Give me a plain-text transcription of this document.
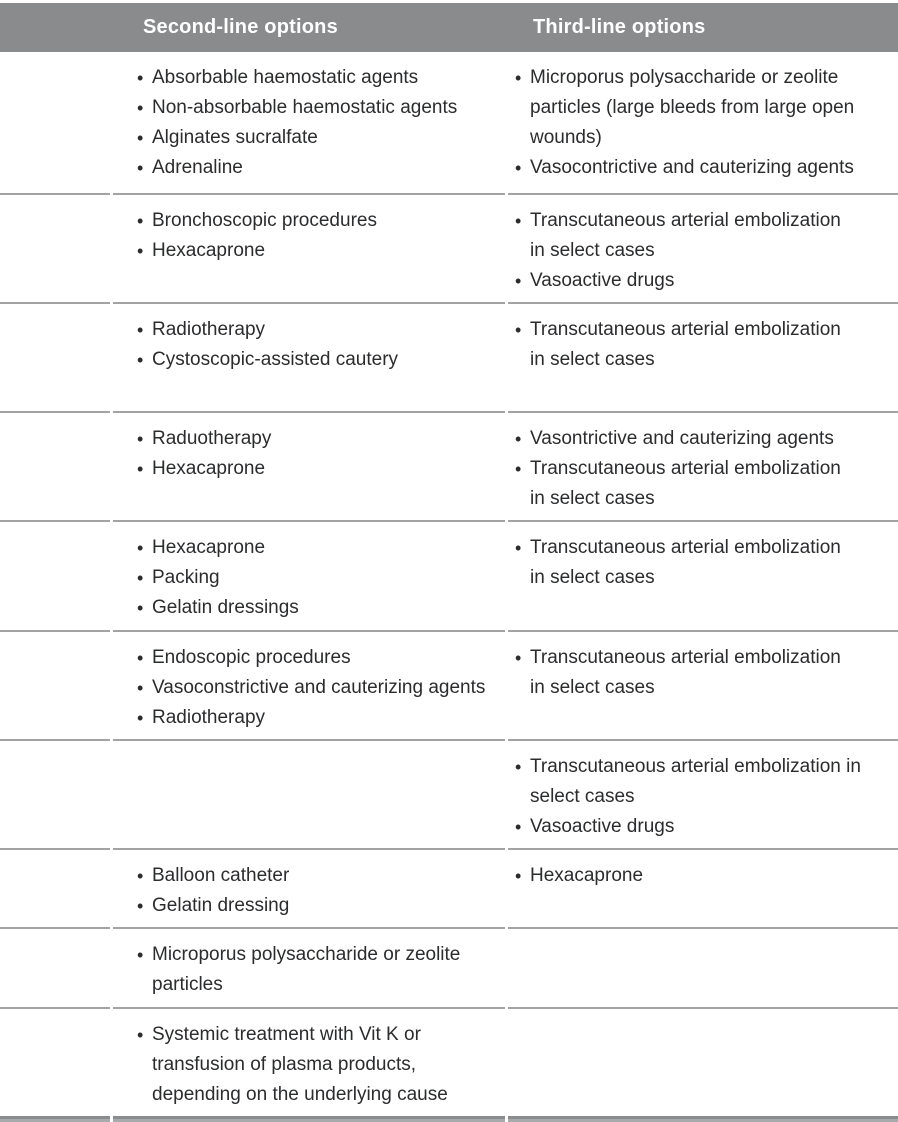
Second-line options	Third-line options
• Absorbable haemostatic agents
• Non-absorbable haemostatic agents
• Alginates sucralfate
• Adrenaline
• Microporus polysaccharide or zeolite particles (large bleeds from large open wounds)
• Vasocontrictive and cauterizing agents
• Bronchoscopic procedures
• Hexacaprone
• Transcutaneous arterial embolization in select cases
• Vasoactive drugs
• Radiotherapy
• Cystoscopic-assisted cautery
• Transcutaneous arterial embolization in select cases
• Raduotherapy
• Hexacaprone
• Vasontrictive and cauterizing agents
• Transcutaneous arterial embolization in select cases
• Hexacaprone
• Packing
• Gelatin dressings
• Transcutaneous arterial embolization in select cases
• Endoscopic procedures
• Vasoconstrictive and cauterizing agents
• Radiotherapy
• Transcutaneous arterial embolization in select cases
• Transcutaneous arterial embolization in select cases
• Vasoactive drugs
• Balloon catheter
• Gelatin dressing
• Hexacaprone
• Microporus polysaccharide or zeolite particles
• Systemic treatment with Vit K or transfusion of plasma products, depending on the underlying cause
